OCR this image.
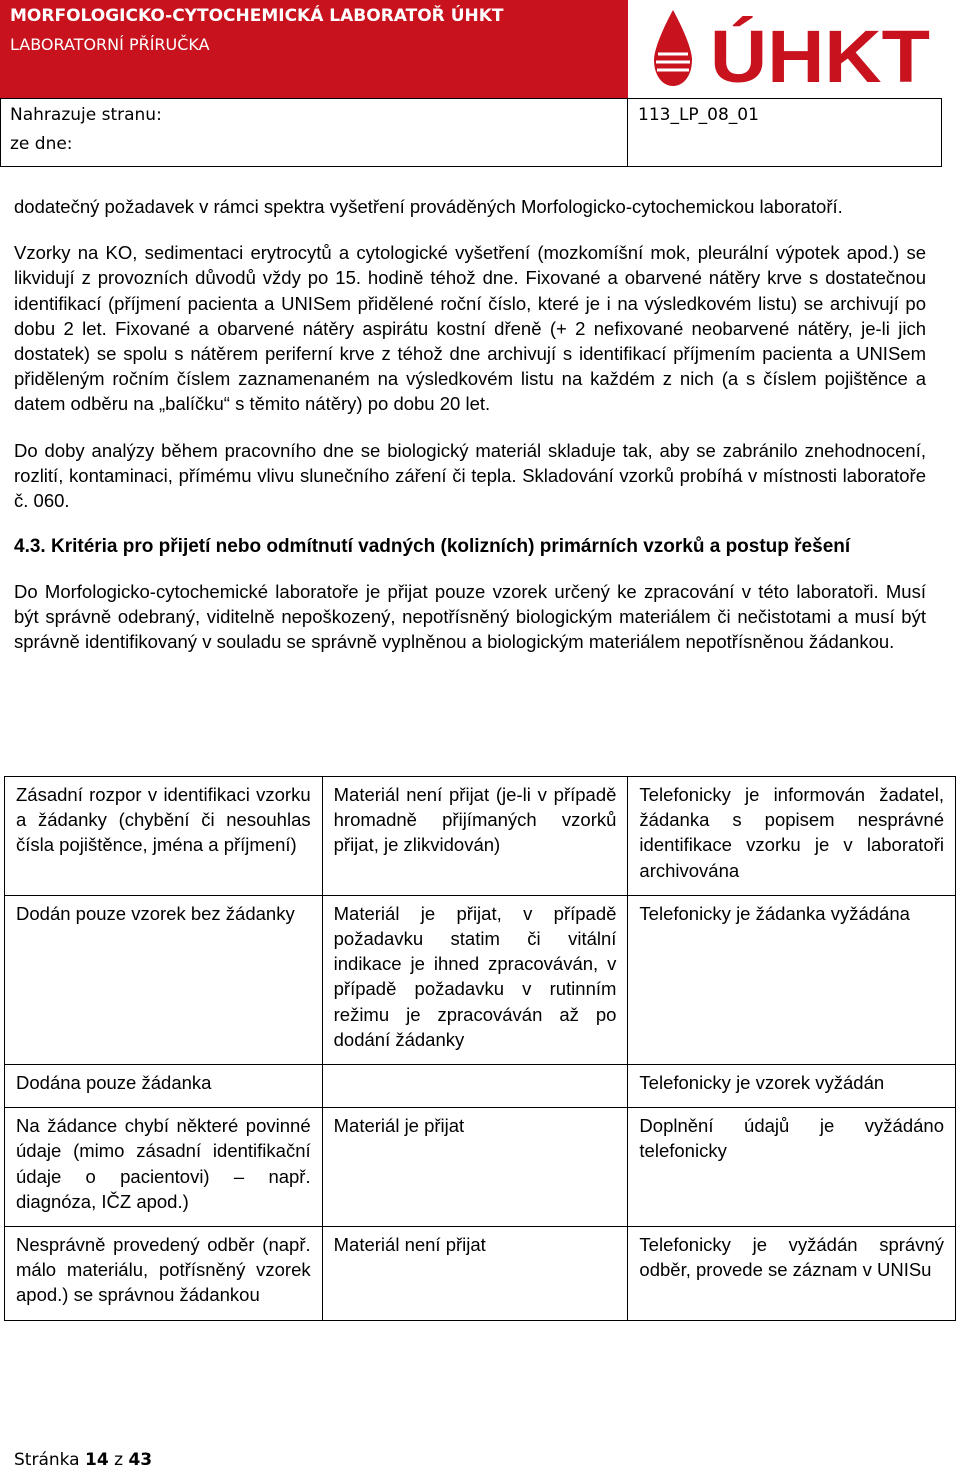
MORFOLOGICKO-CYTOCHEMICKÁ LABORATOŘ ÚHKT
LABORATORNÍ PŘÍRUČKA	ÚHKT
Nahrazuje stranu:
ze dne:
113_LP_08_01

dodatečný požadavek v rámci spektra vyšetření prováděných Morfologicko-cytochemickou laboratoří.

Vzorky na KO, sedimentaci erytrocytů a cytologické vyšetření (mozkomíšní mok, pleurální výpotek apod.) se likvidují z provozních důvodů vždy po 15. hodině téhož dne. Fixované a obarvené nátěry krve s dostatečnou identifikací (příjmení pacienta a UNISem přidělené roční číslo, které je i na výsledkovém listu) se archivují po dobu 2 let. Fixované a obarvené nátěry aspirátu kostní dřeně (+ 2 nefixované neobarvené nátěry, je-li jich dostatek) se spolu s nátěrem periferní krve z téhož dne archivují s identifikací příjmením pacienta a UNISem přiděleným ročním číslem zaznamenaném na výsledkovém listu na každém z nich (a s číslem pojištěnce a datem odběru na „balíčku“ s těmito nátěry) po dobu 20 let.

Do doby analýzy během pracovního dne se biologický materiál skladuje tak, aby se zabránilo znehodnocení, rozlití, kontaminaci, přímému vlivu slunečního záření či tepla. Skladování vzorků probíhá v místnosti laboratoře č. 060.

4.3. Kritéria pro přijetí nebo odmítnutí vadných (kolizních) primárních vzorků a postup řešení

Do Morfologicko-cytochemické laboratoře je přijat pouze vzorek určený ke zpracování v této laboratoři. Musí být správně odebraný, viditelně nepoškozený, nepotřísněný biologickým materiálem či nečistotami a musí být správně identifikovaný v souladu se správně vyplněnou a biologickým materiálem nepotřísněnou žádankou.

Zásadní rozpor v identifikaci vzorku a žádanky (chybění či nesouhlas čísla pojištěnce, jména a příjmení)	Materiál není přijat (je-li v případě hromadně přijímaných vzorků přijat, je zlikvidován)	Telefonicky je informován žadatel, žádanka s popisem nesprávné identifikace vzorku je v laboratoři archivována
Dodán pouze vzorek bez žádanky	Materiál je přijat, v případě požadavku statim či vitální indikace je ihned zpracováván, v případě požadavku v rutinním režimu je zpracováván až po dodání žádanky	Telefonicky je žádanka vyžádána
Dodána pouze žádanka		Telefonicky je vzorek vyžádán
Na žádance chybí některé povinné údaje (mimo zásadní identifikační údaje o pacientovi) – např. diagnóza, IČZ apod.)	Materiál je přijat	Doplnění údajů je vyžádáno telefonicky
Nesprávně provedený odběr (např. málo materiálu, potřísněný vzorek apod.) se správnou žádankou	Materiál není přijat	Telefonicky je vyžádán správný odběr, provede se záznam v UNISu
Stránka 14 z 43
